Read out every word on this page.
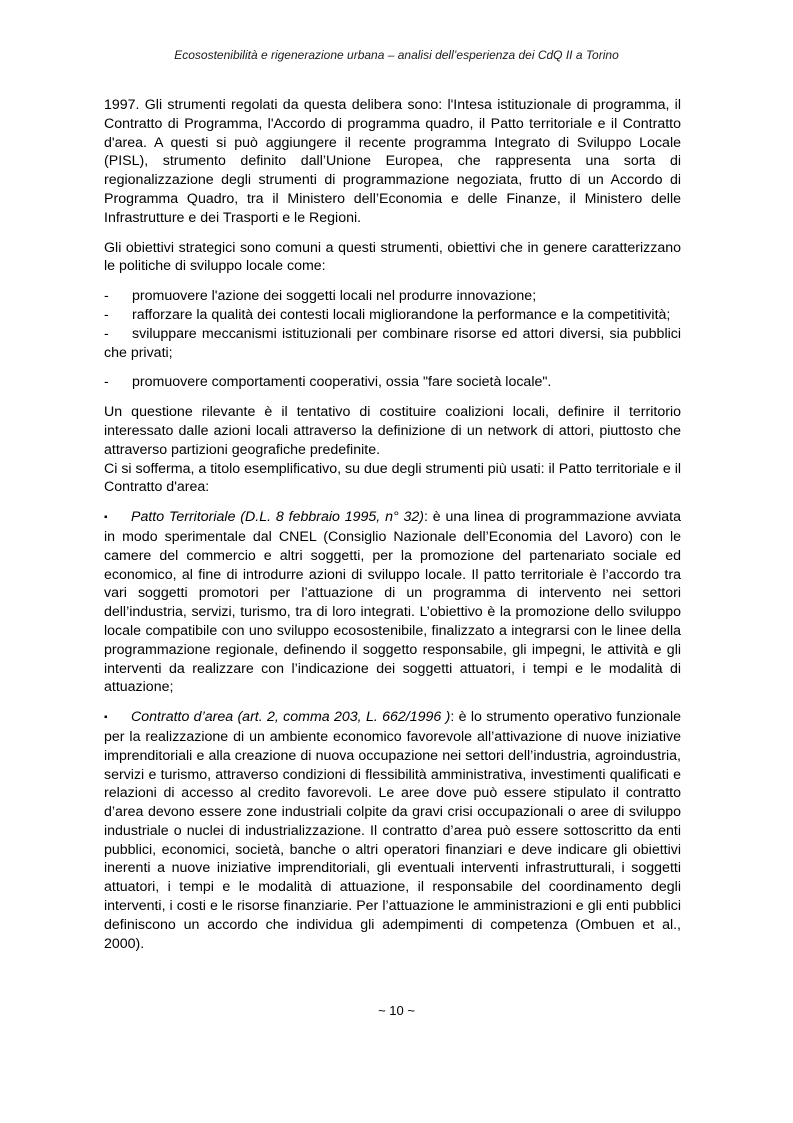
Ecosostenibilità e rigenerazione urbana – analisi dell’esperienza dei CdQ II a Torino

1997. Gli strumenti regolati da questa delibera sono: l'Intesa istituzionale di programma, il Contratto di Programma, l'Accordo di programma quadro, il Patto territoriale e il Contratto d'area. A questi si può aggiungere il recente programma Integrato di Sviluppo Locale (PISL), strumento definito dall’Unione Europea, che rappresenta una sorta di regionalizzazione degli strumenti di programmazione negoziata, frutto di un Accordo di Programma Quadro, tra il Ministero dell’Economia e delle Finanze, il Ministero delle Infrastrutture e dei Trasporti e le Regioni.

Gli obiettivi strategici sono comuni a questi strumenti, obiettivi che in genere caratterizzano le politiche di sviluppo locale come:

- promuovere l'azione dei soggetti locali nel produrre innovazione;

- rafforzare la qualità dei contesti locali migliorandone la performance e la competitività;

- sviluppare meccanismi istituzionali per combinare risorse ed attori diversi, sia pubblici che privati;

- promuovere comportamenti cooperativi, ossia "fare società locale".

Un questione rilevante è il tentativo di costituire coalizioni locali, definire il territorio interessato dalle azioni locali attraverso la definizione di un network di attori, piuttosto che attraverso partizioni geografiche predefinite.

Ci si sofferma, a titolo esemplificativo, su due degli strumenti più usati: il Patto territoriale e il Contratto d'area:

▪ Patto Territoriale (D.L. 8 febbraio 1995, n° 32): è una linea di programmazione avviata in modo sperimentale dal CNEL (Consiglio Nazionale dell’Economia del Lavoro) con le camere del commercio e altri soggetti, per la promozione del partenariato sociale ed economico, al fine di introdurre azioni di sviluppo locale. Il patto territoriale è l’accordo tra vari soggetti promotori per l’attuazione di un programma di intervento nei settori dell’industria, servizi, turismo, tra di loro integrati. L’obiettivo è la promozione dello sviluppo locale compatibile con uno sviluppo ecosostenibile, finalizzato a integrarsi con le linee della programmazione regionale, definendo il soggetto responsabile, gli impegni, le attività e gli interventi da realizzare con l’indicazione dei soggetti attuatori, i tempi e le modalità di attuazione;

▪ Contratto d’area (art. 2, comma 203, L. 662/1996 ): è lo strumento operativo funzionale per la realizzazione di un ambiente economico favorevole all’attivazione di nuove iniziative imprenditoriali e alla creazione di nuova occupazione nei settori dell’industria, agroindustria, servizi e turismo, attraverso condizioni di flessibilità amministrativa, investimenti qualificati e relazioni di accesso al credito favorevoli. Le aree dove può essere stipulato il contratto d’area devono essere zone industriali colpite da gravi crisi occupazionali o aree di sviluppo industriale o nuclei di industrializzazione. Il contratto d’area può essere sottoscritto da enti pubblici, economici, società, banche o altri operatori finanziari e deve indicare gli obiettivi inerenti a nuove iniziative imprenditoriali, gli eventuali interventi infrastrutturali, i soggetti attuatori, i tempi e le modalità di attuazione, il responsabile del coordinamento degli interventi, i costi e le risorse finanziarie. Per l’attuazione le amministrazioni e gli enti pubblici definiscono un accordo che individua gli adempimenti di competenza (Ombuen et al., 2000).

~ 10 ~
